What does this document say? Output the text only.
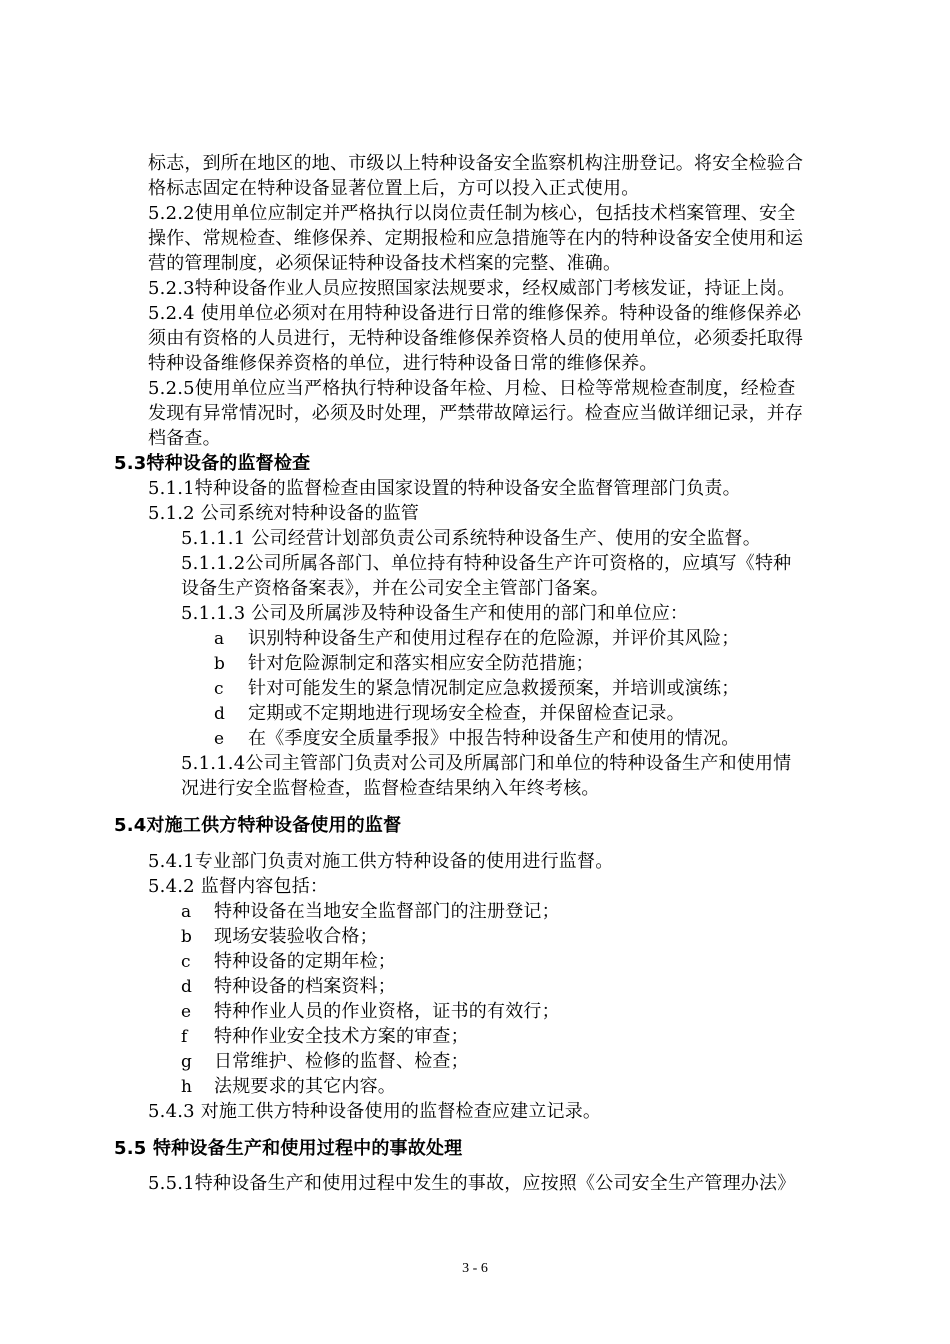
标志，到所在地区的地、市级以上特种设备安全监察机构注册登记。将安全检验合
格标志固定在特种设备显著位置上后，方可以投入正式使用。
5.2.2使用单位应制定并严格执行以岗位责任制为核心，包括技术档案管理、安全
操作、常规检查、维修保养、定期报检和应急措施等在内的特种设备安全使用和运
营的管理制度，必须保证特种设备技术档案的完整、准确。
5.2.3特种设备作业人员应按照国家法规要求，经权威部门考核发证，持证上岗。
5.2.4 使用单位必须对在用特种设备进行日常的维修保养。特种设备的维修保养必
须由有资格的人员进行，无特种设备维修保养资格人员的使用单位，必须委托取得
特种设备维修保养资格的单位，进行特种设备日常的维修保养。
5.2.5使用单位应当严格执行特种设备年检、月检、日检等常规检查制度，经检查
发现有异常情况时，必须及时处理，严禁带故障运行。检查应当做详细记录，并存
档备查。
5.3特种设备的监督检查
5.1.1特种设备的监督检查由国家设置的特种设备安全监督管理部门负责。
5.1.2 公司系统对特种设备的监管
5.1.1.1 公司经营计划部负责公司系统特种设备生产、使用的安全监督。
5.1.1.2公司所属各部门、单位持有特种设备生产许可资格的，应填写《特种
设备生产资格备案表》，并在公司安全主管部门备案。
5.1.1.3 公司及所属涉及特种设备生产和使用的部门和单位应：
a 识别特种设备生产和使用过程存在的危险源，并评价其风险；
b 针对危险源制定和落实相应安全防范措施；
c 针对可能发生的紧急情况制定应急救援预案，并培训或演练；
d 定期或不定期地进行现场安全检查，并保留检查记录。
e 在《季度安全质量季报》中报告特种设备生产和使用的情况。
5.1.1.4公司主管部门负责对公司及所属部门和单位的特种设备生产和使用情
况进行安全监督检查，监督检查结果纳入年终考核。
5.4对施工供方特种设备使用的监督
5.4.1专业部门负责对施工供方特种设备的使用进行监督。
5.4.2 监督内容包括：
a 特种设备在当地安全监督部门的注册登记；
b 现场安装验收合格；
c 特种设备的定期年检；
d 特种设备的档案资料；
e 特种作业人员的作业资格，证书的有效行；
f 特种作业安全技术方案的审查；
g 日常维护、检修的监督、检查；
h 法规要求的其它内容。
5.4.3 对施工供方特种设备使用的监督检查应建立记录。
5.5 特种设备生产和使用过程中的事故处理
5.5.1特种设备生产和使用过程中发生的事故，应按照《公司安全生产管理办法》
3 - 6
